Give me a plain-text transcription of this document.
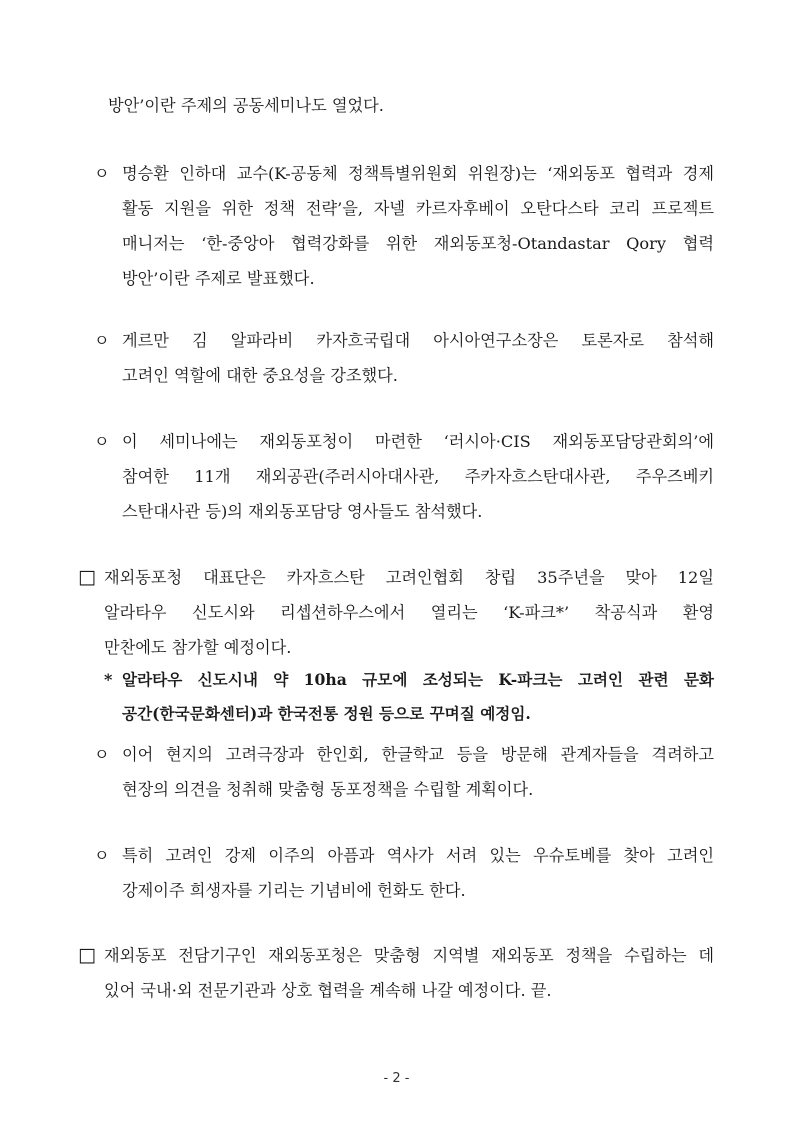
방안’이란 주제의 공동세미나도 열었다.
ㅇ 명승환 인하대 교수(K-공동체 정책특별위원회 위원장)는 ‘재외동포 협력과 경제
활동 지원을 위한 정책 전략’을, 자넬 카르자후베이 오탄다스타 코리 프로젝트
매니저는 ‘한-중앙아 협력강화를 위한 재외동포청-Otandastar Qory 협력
방안’이란 주제로 발표했다.
ㅇ 게르만 김 알파라비 카자흐국립대 아시아연구소장은 토론자로 참석해
고려인 역할에 대한 중요성을 강조했다.
ㅇ 이 세미나에는 재외동포청이 마련한 ‘러시아·CIS 재외동포담당관회의’에
참여한 11개 재외공관(주러시아대사관, 주카자흐스탄대사관, 주우즈베키
스탄대사관 등)의 재외동포담당 영사들도 참석했다.
□ 재외동포청 대표단은 카자흐스탄 고려인협회 창립 35주년을 맞아 12일
알라타우 신도시와 리셉션하우스에서 열리는 ‘K-파크*’ 착공식과 환영
만찬에도 참가할 예정이다.
* 알라타우 신도시내 약 10ha 규모에 조성되는 K-파크는 고려인 관련 문화
공간(한국문화센터)과 한국전통 정원 등으로 꾸며질 예정임.
ㅇ 이어 현지의 고려극장과 한인회, 한글학교 등을 방문해 관계자들을 격려하고
현장의 의견을 청취해 맞춤형 동포정책을 수립할 계획이다.
ㅇ 특히 고려인 강제 이주의 아픔과 역사가 서려 있는 우슈토베를 찾아 고려인
강제이주 희생자를 기리는 기념비에 헌화도 한다.
□ 재외동포 전담기구인 재외동포청은 맞춤형 지역별 재외동포 정책을 수립하는 데
있어 국내·외 전문기관과 상호 협력을 계속해 나갈 예정이다. 끝.
- 2 -
